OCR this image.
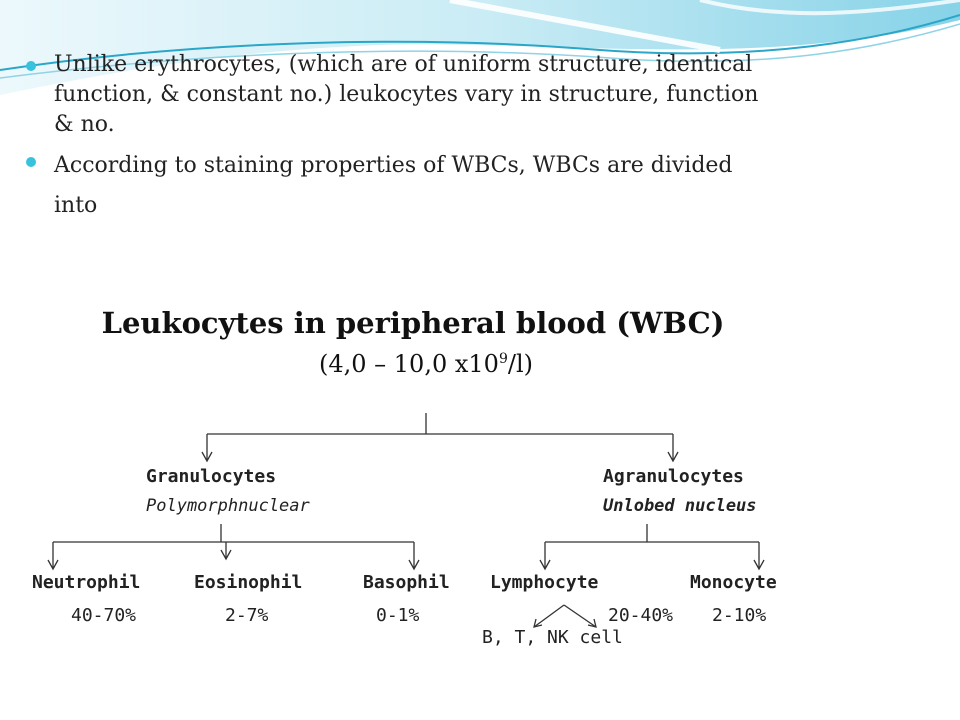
Unlike erythrocytes, (which are of uniform structure, identical function, & constant no.) leukocytes vary in structure, function & no.
According to staining properties of WBCs, WBCs are divided into
Leukocytes in peripheral blood (WBC)
(4,0 – 10,0 $x10^9/l$)
Granulocytes
Polymorphnuclear
Agranulocytes
Unlobed nucleus
Neutrophil	Eosinophil	Basophil Lymphocyte	Monocyte
40-70%	2-7%	0-1%	20-40% 2-10%
B, T, NK cell
